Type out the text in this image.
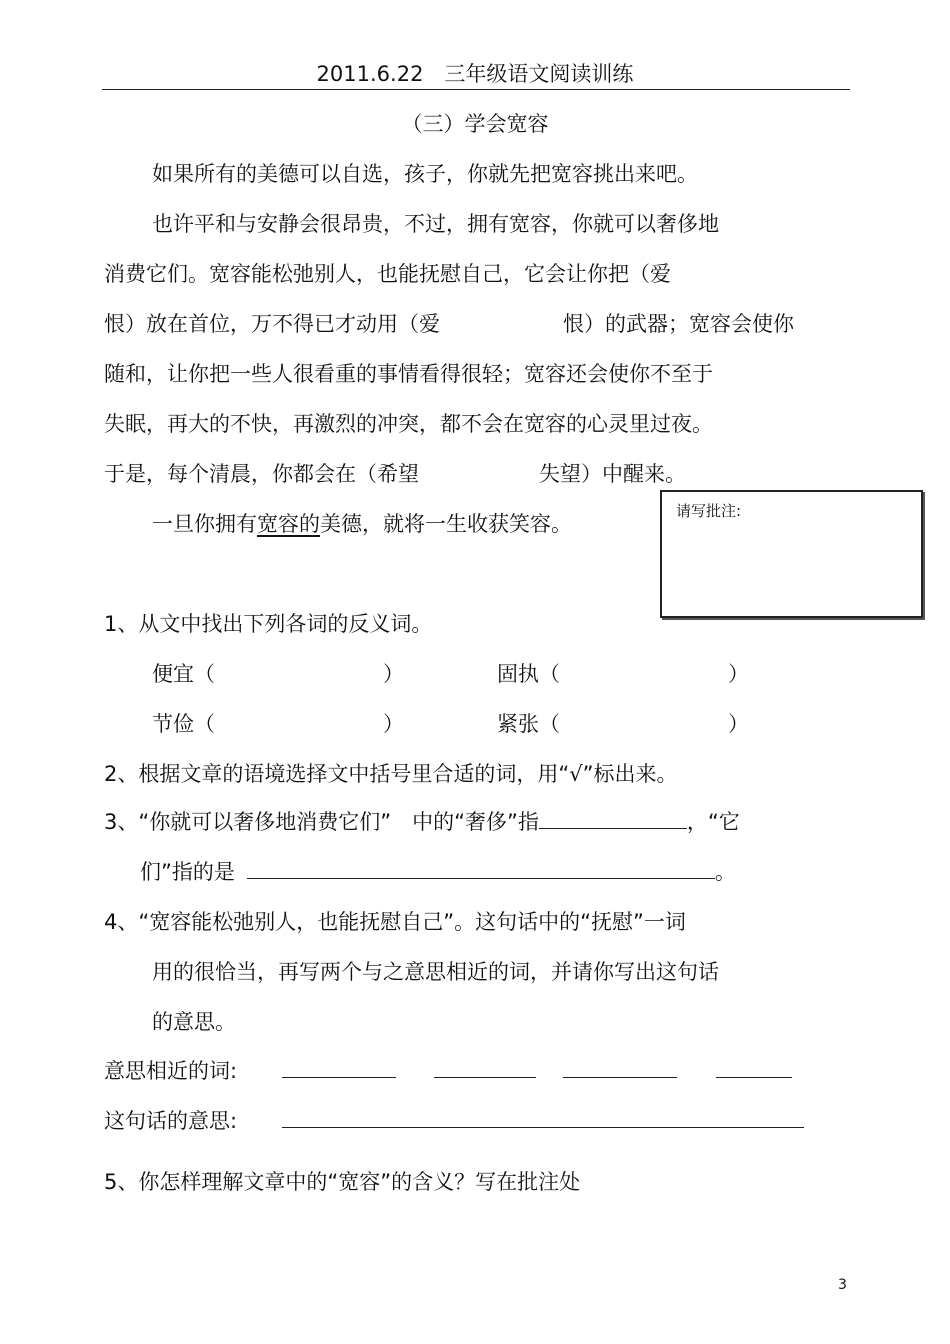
2011.6.22　三年级语文阅读训练
（三）学会宽容
如果所有的美德可以自选，孩子，你就先把宽容挑出来吧。
也许平和与安静会很昂贵，不过，拥有宽容，你就可以奢侈地
消费它们。宽容能松弛别人，也能抚慰自己，它会让你把（爱
恨）放在首位，万不得已才动用（爱	恨）的武器；宽容会使你
随和，让你把一些人很看重的事情看得很轻；宽容还会使你不至于
失眠，再大的不快，再激烈的冲突，都不会在宽容的心灵里过夜。
于是，每个清晨，你都会在（希望	失望）中醒来。
一旦你拥有宽容的美德，就将一生收获笑容。
请写批注:
1、从文中找出下列各词的反义词。
便宜（	）	固执（	）
节俭（	）	紧张（	）
2、根据文章的语境选择文中括号里合适的词，用“√”标出来。
3、“你就可以奢侈地消费它们”　中的“奢侈”指	，“它
们”指的是	。
4、“宽容能松弛别人，也能抚慰自己”。这句话中的“抚慰”一词
用的很恰当，再写两个与之意思相近的词，并请你写出这句话
的意思。
意思相近的词:
这句话的意思:
5、你怎样理解文章中的“宽容”的含义？写在批注处
3
